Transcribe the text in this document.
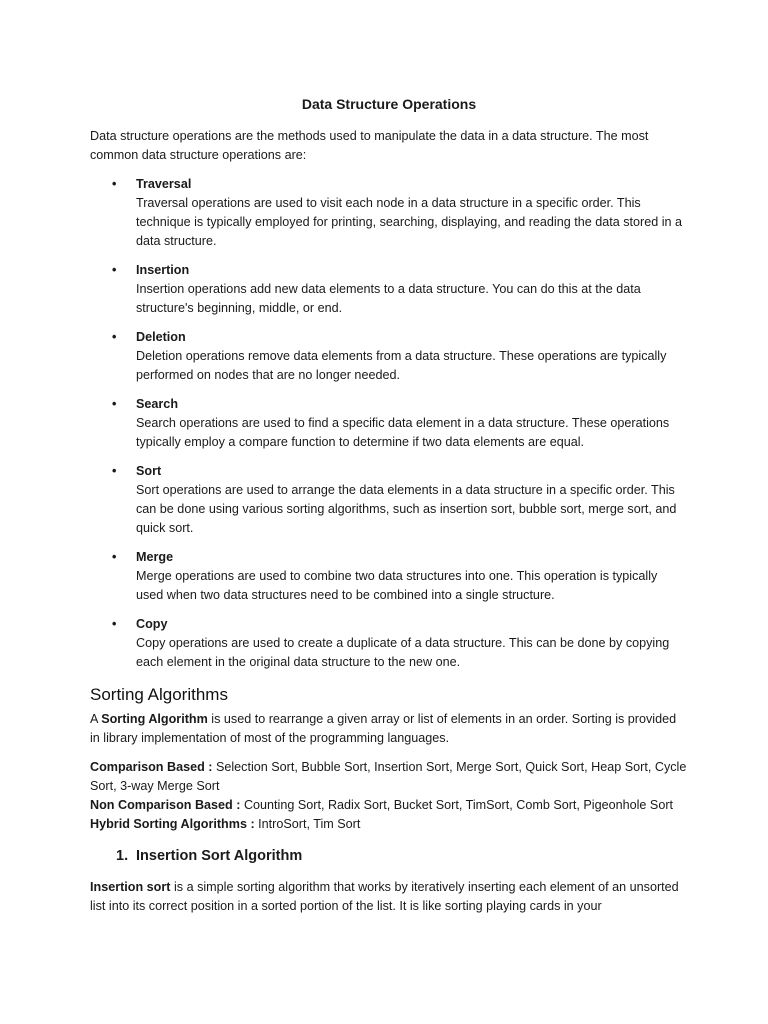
Data Structure Operations

Data structure operations are the methods used to manipulate the data in a data structure. The most common data structure operations are:

• Traversal
Traversal operations are used to visit each node in a data structure in a specific order. This technique is typically employed for printing, searching, displaying, and reading the data stored in a data structure.
• Insertion
Insertion operations add new data elements to a data structure. You can do this at the data structure's beginning, middle, or end.
• Deletion
Deletion operations remove data elements from a data structure. These operations are typically performed on nodes that are no longer needed.
• Search
Search operations are used to find a specific data element in a data structure. These operations typically employ a compare function to determine if two data elements are equal.
• Sort
Sort operations are used to arrange the data elements in a data structure in a specific order. This can be done using various sorting algorithms, such as insertion sort, bubble sort, merge sort, and quick sort.
• Merge
Merge operations are used to combine two data structures into one. This operation is typically used when two data structures need to be combined into a single structure.
• Copy
Copy operations are used to create a duplicate of a data structure. This can be done by copying each element in the original data structure to the new one.
Sorting Algorithms

A Sorting Algorithm is used to rearrange a given array or list of elements in an order. Sorting is provided in library implementation of most of the programming languages.

Comparison Based : Selection Sort, Bubble Sort, Insertion Sort, Merge Sort, Quick Sort, Heap Sort, Cycle Sort, 3-way Merge Sort

Non Comparison Based : Counting Sort, Radix Sort, Bucket Sort, TimSort, Comb Sort, Pigeonhole Sort

Hybrid Sorting Algorithms : IntroSort, Tim Sort

1. Insertion Sort Algorithm

Insertion sort is a simple sorting algorithm that works by iteratively inserting each element of an unsorted list into its correct position in a sorted portion of the list. It is like sorting playing cards in your
